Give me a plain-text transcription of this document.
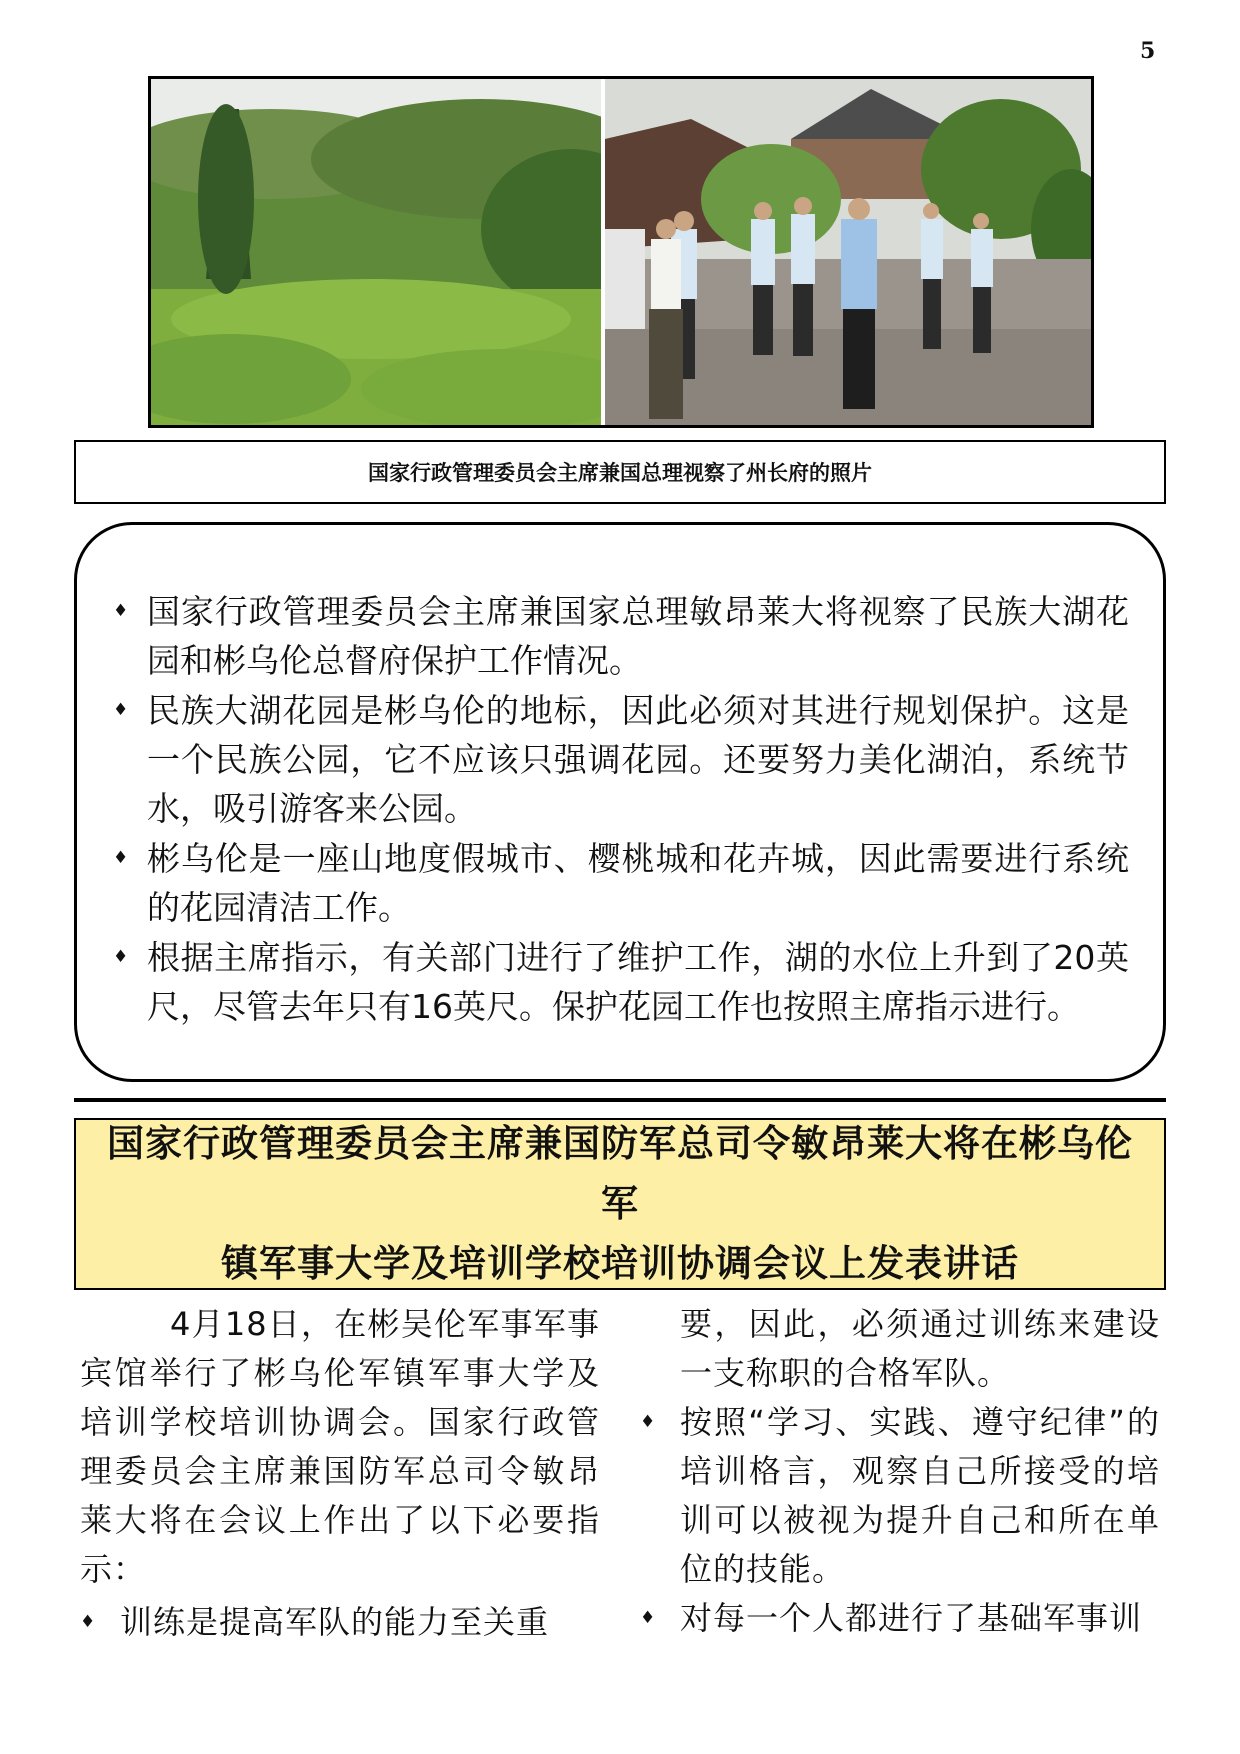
5
国家行政管理委员会主席兼国总理视察了州长府的照片
♦ 国家行政管理委员会主席兼国家总理敏昂莱大将视察了民族大湖花园和彬乌伦总督府保护工作情况。
♦ 民族大湖花园是彬乌伦的地标，因此必须对其进行规划保护。这是一个民族公园，它不应该只强调花园。还要努力美化湖泊，系统节水，吸引游客来公园。
♦ 彬乌伦是一座山地度假城市、樱桃城和花卉城，因此需要进行系统的花园清洁工作。
♦ 根据主席指示，有关部门进行了维护工作，湖的水位上升到了20英尺，尽管去年只有16英尺。保护花园工作也按照主席指示进行。
国家行政管理委员会主席兼国防军总司令敏昂莱大将在彬乌伦军
镇军事大学及培训学校培训协调会议上发表讲话

4月18日，在彬吴伦军事军事宾馆举行了彬乌伦军镇军事大学及培训学校培训协调会。国家行政管理委员会主席兼国防军总司令敏昂莱大将在会议上作出了以下必要指示：

♦ 训练是提高军队的能力至关重

要，因此，必须通过训练来建设一支称职的合格军队。

♦ 按照“学习、实践、遵守纪律”的培训格言，观察自己所接受的培训可以被视为提升自己和所在单位的技能。
♦ 对每一个人都进行了基础军事训
